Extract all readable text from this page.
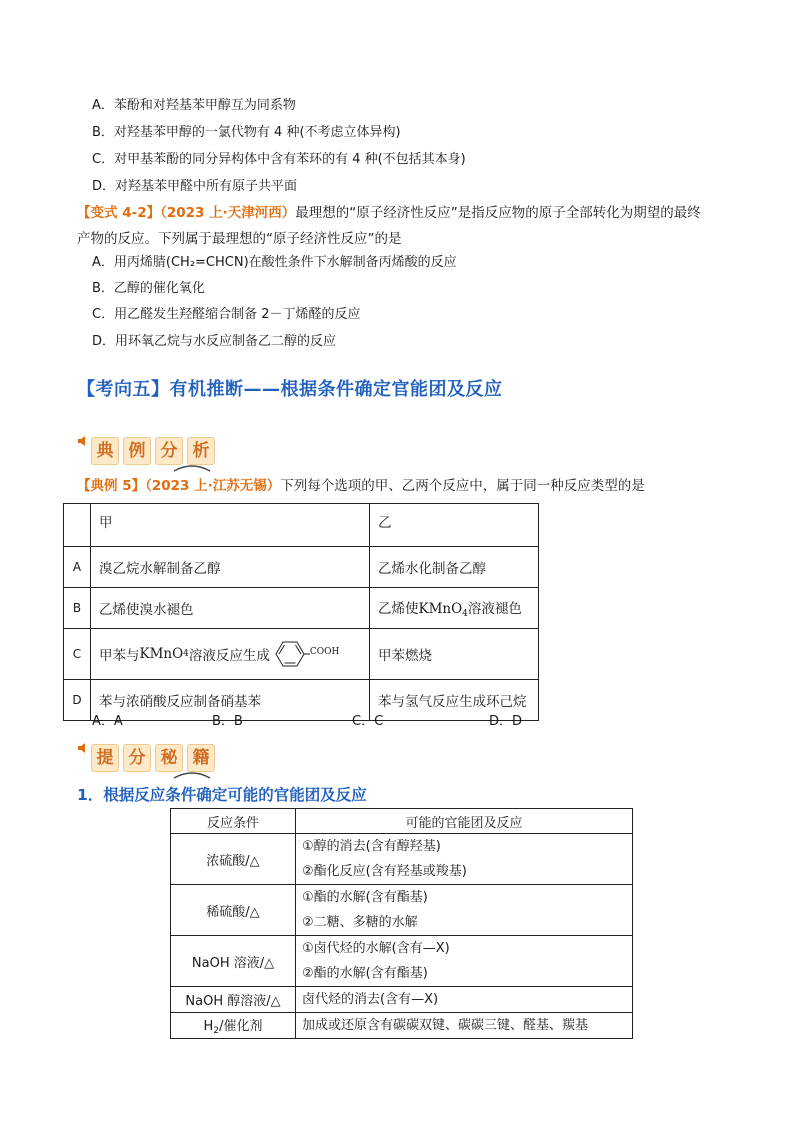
A．苯酚和对羟基苯甲醇互为同系物
B．对羟基苯甲醇的一氯代物有 4 种(不考虑立体异构)
C．对甲基苯酚的同分异构体中含有苯环的有 4 种(不包括其本身)
D．对羟基苯甲醛中所有原子共平面
【变式 4-2】（2023 上·天津河西）最理想的“原子经济性反应”是指反应物的原子全部转化为期望的最终
产物的反应。下列属于最理想的“原子经济性反应”的是
A．用丙烯腈(CH₂=CHCN)在酸性条件下水解制备丙烯酸的反应
B．乙醇的催化氧化
C．用乙醛发生羟醛缩合制备 2－丁烯醛的反应
D．用环氧乙烷与水反应制备乙二醇的反应
【考向五】有机推断——根据条件确定官能团及反应
典 例 分 析
【典例 5】（2023 上·江苏无锡）下列每个选项的甲、乙两个反应中，属于同一种反应类型的是
	甲	乙
A	溴乙烷水解制备乙醇	乙烯水化制备乙醇
B	乙烯使溴水褪色	乙烯使KMnO$_4$溶液褪色
C	甲苯与 KMnO 4 溶液反应生成 COOH	甲苯燃烧
D	苯与浓硝酸反应制备硝基苯	苯与氢气反应生成环己烷
A．A	B．B	C．C	D．D
提 分 秘 籍
1．根据反应条件确定可能的官能团及反应
反应条件	可能的官能团及反应
浓硫酸/△	①醇的消去(含有醇羟基)
②酯化反应(含有羟基或羧基)

稀硫酸/△	①酯的水解(含有酯基)
②二糖、多糖的水解

NaOH 溶液/△	①卤代烃的水解(含有—X)
②酯的水解(含有酯基)

NaOH 醇溶液/△	卤代烃的消去(含有—X)

$H_2/$催化剂	加成或还原含有碳碳双键、碳碳三键、醛基、羰基
